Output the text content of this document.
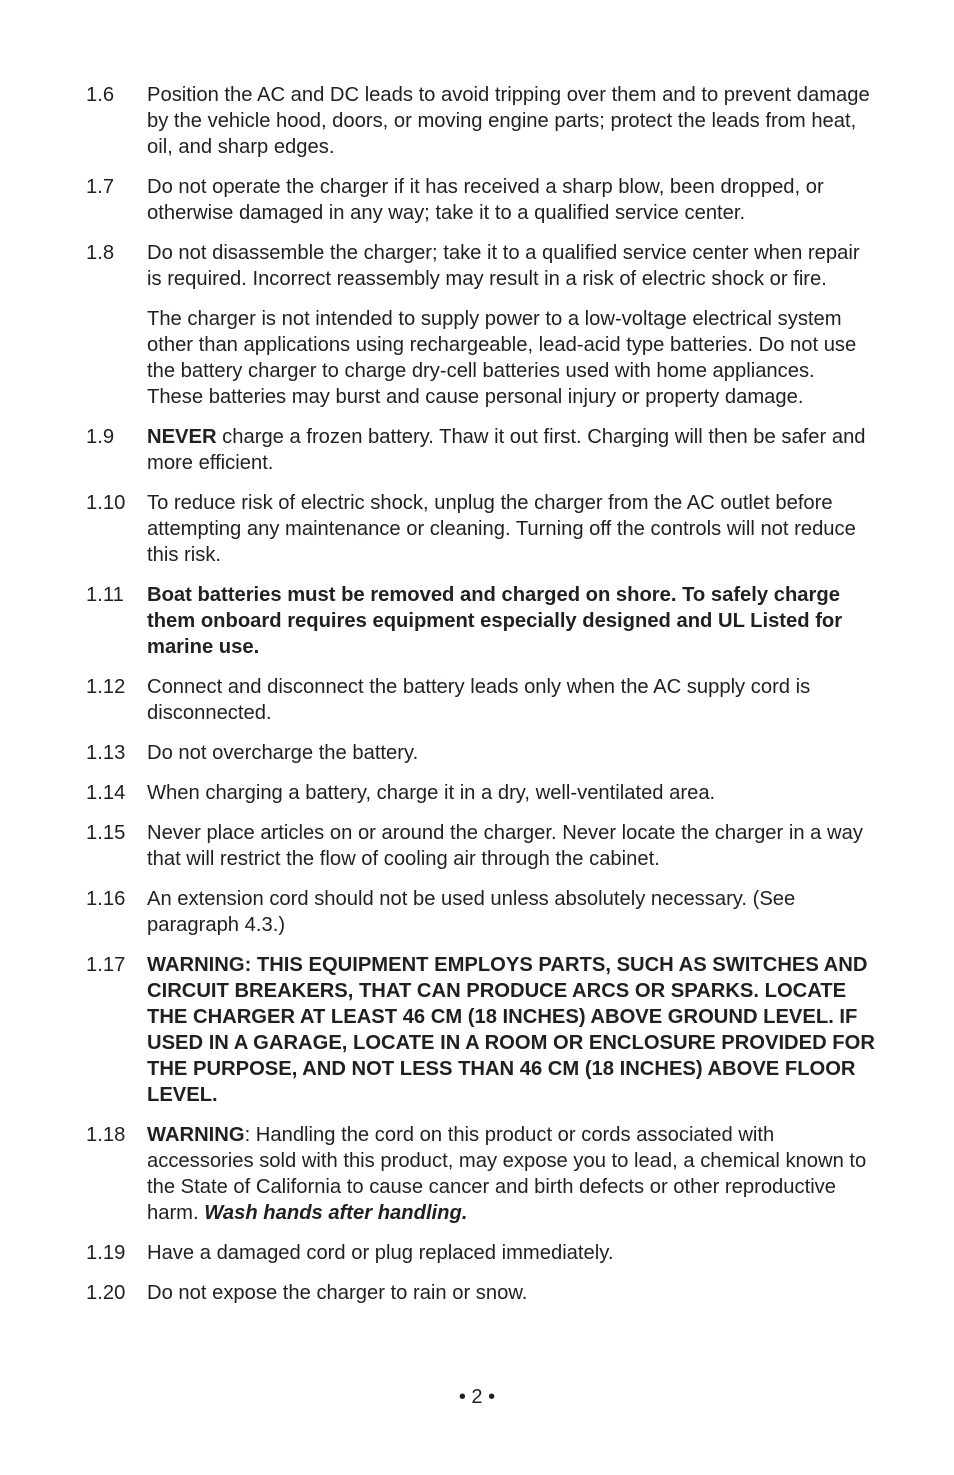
1.6	Position the AC and DC leads to avoid tripping over them and to prevent damage by the vehicle hood, doors, or moving engine parts; protect the leads from heat, oil, and sharp edges.

1.7	Do not operate the charger if it has received a sharp blow, been dropped, or otherwise damaged in any way; take it to a qualified service center.

1.8	Do not disassemble the charger; take it to a qualified service center when repair is required. Incorrect reassembly may result in a risk of electric shock or fire.

The charger is not intended to supply power to a low-voltage electrical system other than applications using rechargeable, lead-acid type batteries. Do not use the battery charger to charge dry-cell batteries used with home appliances. These batteries may burst and cause personal injury or property damage.

1.9	NEVER charge a frozen battery. Thaw it out first. Charging will then be safer and more efficient.

1.10	To reduce risk of electric shock, unplug the charger from the AC outlet before attempting any maintenance or cleaning. Turning off the controls will not reduce this risk.

1.11	Boat batteries must be removed and charged on shore. To safely charge them onboard requires equipment especially designed and UL Listed for marine use.

1.12	Connect and disconnect the battery leads only when the AC supply cord is disconnected.

1.13	Do not overcharge the battery.

1.14	When charging a battery, charge it in a dry, well-ventilated area.

1.15	Never place articles on or around the charger. Never locate the charger in a way that will restrict the flow of cooling air through the cabinet.

1.16	An extension cord should not be used unless absolutely necessary. (See paragraph 4.3.)

1.17	WARNING: THIS EQUIPMENT EMPLOYS PARTS, SUCH AS SWITCHES AND CIRCUIT BREAKERS, THAT CAN PRODUCE ARCS OR SPARKS. LOCATE THE CHARGER AT LEAST 46 CM (18 INCHES) ABOVE GROUND LEVEL. IF USED IN A GARAGE, LOCATE IN A ROOM OR ENCLOSURE PROVIDED FOR THE PURPOSE, AND NOT LESS THAN 46 CM (18 INCHES) ABOVE FLOOR LEVEL.

1.18	WARNING: Handling the cord on this product or cords associated with accessories sold with this product, may expose you to lead, a chemical known to the State of California to cause cancer and birth defects or other reproductive harm. Wash hands after handling.

1.19	Have a damaged cord or plug replaced immediately.

1.20	Do not expose the charger to rain or snow.

• 2 •
